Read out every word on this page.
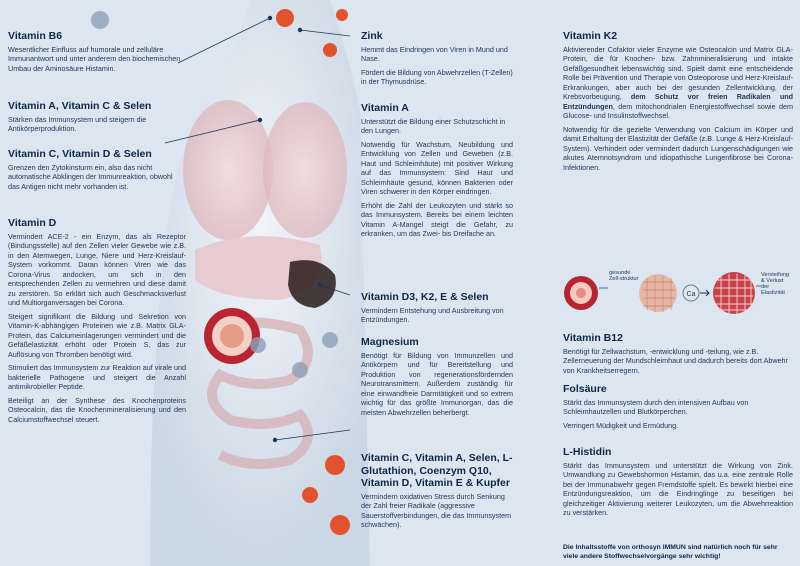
Vitamin B6

Wesentlicher Einfluss auf humorale und zelluläre Immunantwort und unter anderem den biochemischen Umbau der Aminosäure Histamin.

Vitamin A, Vitamin C & Selen

Stärken das Immunsystem und steigern die Antikörperproduktion.

Vitamin C, Vitamin D & Selen

Grenzen den Zytokinsturm ein, also das nicht automatische Abklingen der Immunreaktion, obwohl das Antigen nicht mehr vorhanden ist.

Vitamin D

Vermindert ACE-2 - ein Enzym, das als Rezeptor (Bindungsstelle) auf den Zellen vieler Gewebe wie z.B. in den Atemwegen, Lunge, Niere und Herz-Kreislauf-System vorkommt. Daran können Viren wie das Corona-Virus andocken, um sich in den entsprechenden Zellen zu vermehren und diese damit zu zerstören. So erklärt sich auch Geschmacksverlust und Multiorganversagen bei Corona.

Steigert signifikant die Bildung und Sekretion von Vitamin-K-abhängigen Proteinen wie z.B. Matrix GLA-Protein, das Calciumeinlagerungen vermindert und die Gefäßelastizität erhöht oder Protein S, das zur Auflösung von Thromben benötigt wird.

Stimuliert das Immunsystem zur Reaktion auf virale und bakterielle Pathogene und steigert die Anzahl antimikrobieller Peptide.

Beteiligt an der Synthese des Knochenproteins Osteocalcin, das die Knochenmineralisierung und den Calciumstoffwechsel steuert.

Zink

Hemmt das Eindringen von Viren in Mund und Nase.

Fördert die Bildung von Abwehrzellen (T-Zellen) in der Thymusdrüse.

Vitamin A

Unterstützt die Bildung einer Schutzschicht in den Lungen.

Notwendig für Wachstum, Neubildung und Entwicklung von Zellen und Geweben (z.B. Haut und Schleimhäute) mit positiver Wirkung auf das Immunsystem: Sind Haut und Schleimhäute gesund, können Bakterien oder Viren schwerer in den Körper eindringen.

Erhöht die Zahl der Leukozyten und stärkt so das Immunsystem. Bereits bei einem leichten Vitamin A-Mangel steigt die Gefahr, zu erkranken, um das Zwei- bis Dreifache an.

Vitamin D3, K2, E & Selen

Vermindern Entstehung und Ausbreitung von Entzündungen.

Magnesium

Benötigt für Bildung von Immunzellen und Antikörpern und für Bereitstellung und Produktion von regenerationsfördernden Neurotransmittern. Außerdem zuständig für eine einwandfreie Darmtätigkeit und so extrem wichtig für das größte Immunorgan, das die meisten Abwehrzellen beherbergt.

Vitamin C, Vitamin A, Selen, L-Glutathion, Coenzym Q10, Vitamin D, Vitamin E & Kupfer

Vermindern oxidativen Stress durch Senkung der Zahl freier Radikale (aggressive Sauerstoffverbindungen, die das Immunsystem schwächen).

Vitamin K2

Aktivierender Cofaktor vieler Enzyme wie Osteocalcin und Matrix GLA-Protein, die für Knochen- bzw. Zahnmineralisierung und intakte Gefäßgesundheit lebenswichtig sind. Spielt damit eine entscheidende Rolle bei Prävention und Therapie von Osteoporose und Herz-Kreislauf-Erkrankungen, aber auch bei der gesunden Zellentwicklung, der Krebsvorbeugung, dem Schutz vor freien Radikalen und Entzündungen, dem mitochondrialen Energiestoffwechsel sowie dem Glucose- und Insulinstoffwechsel.

Notwendig für die gezielte Verwendung von Calcium im Körper und damit Erhaltung der Elastizität der Gefäße (z.B. Lunge & Herz-Kreislauf-System). Verhindert oder vermindert dadurch Lungenschädigungen wie akutes Atemnotsyndrom und idiopathische Lungenfibrose bei Corona-Infektionen.

Ca
gesunde Zell-struktur
Versteifung & Verlust der Elastizität
Vitamin B12

Benötigt für Zellwachstum, -entwicklung und -teilung, wie z.B. Zellerneuerung der Mundschleimhaut und dadurch bereits dort Abwehr von Krankheitserregern.

Folsäure

Stärkt das Immunsystem durch den intensiven Aufbau von Schleimhautzellen und Blutkörperchen.

Verringert Müdigkeit und Ermüdung.

L-Histidin

Stärkt das Immunsystem und unterstützt die Wirkung von Zink. Umwandlung zu Gewebshormon Histamin, das u.a. eine zentrale Rolle bei der Immunabwehr gegen Fremdstoffe spielt. Es bewirkt hierbei eine Entzündungsreaktion, um die Eindringlinge zu beseitigen bei gleichzeitiger Aktivierung weiterer Leukozyten, um die Abwehrreaktion zu verstärken.

Die Inhaltsstoffe von orthosyn IMMUN sind natürlich noch für sehr viele andere Stoffwechselvorgänge sehr wichtig!
